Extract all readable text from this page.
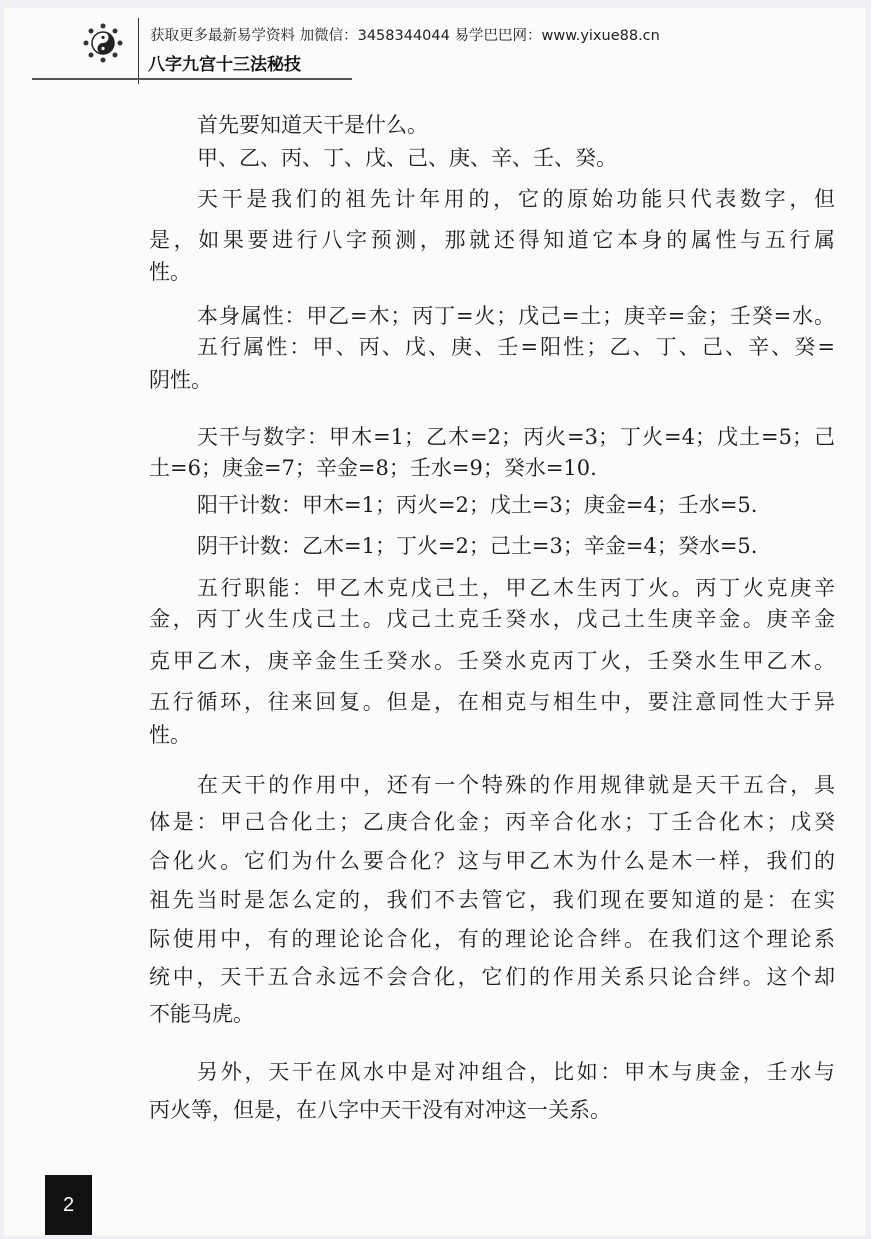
获取更多最新易学资料 加微信：3458344044 易学巴巴网：www.yixue88.cn
八字九宫十三法秘技
首先要知道天干是什么。
甲、乙、丙、丁、戊、己、庚、辛、壬、癸。
天干是我们的祖先计年用的，它的原始功能只代表数字，但
是，如果要进行八字预测，那就还得知道它本身的属性与五行属
性。
本身属性：甲乙=木；丙丁=火；戊己=土；庚辛=金；壬癸=水。
五行属性：甲、丙、戊、庚、壬=阳性；乙、丁、己、辛、癸=
阴性。
天干与数字：甲木=1；乙木=2；丙火=3；丁火=4；戊土=5；己
土=6；庚金=7；辛金=8；壬水=9；癸水=10.
阳干计数：甲木=1；丙火=2；戊土=3；庚金=4；壬水=5.
阴干计数：乙木=1；丁火=2；己土=3；辛金=4；癸水=5.
五行职能：甲乙木克戊己土，甲乙木生丙丁火。丙丁火克庚辛
金，丙丁火生戊己土。戊己土克壬癸水，戊己土生庚辛金。庚辛金
克甲乙木，庚辛金生壬癸水。壬癸水克丙丁火，壬癸水生甲乙木。
五行循环，往来回复。但是，在相克与相生中，要注意同性大于异
性。
在天干的作用中，还有一个特殊的作用规律就是天干五合，具
体是：甲己合化土；乙庚合化金；丙辛合化水；丁壬合化木；戊癸
合化火。它们为什么要合化？这与甲乙木为什么是木一样，我们的
祖先当时是怎么定的，我们不去管它，我们现在要知道的是：在实
际使用中，有的理论论合化，有的理论论合绊。在我们这个理论系
统中，天干五合永远不会合化，它们的作用关系只论合绊。这个却
不能马虎。
另外，天干在风水中是对冲组合，比如：甲木与庚金，壬水与
丙火等，但是，在八字中天干没有对冲这一关系。
2
